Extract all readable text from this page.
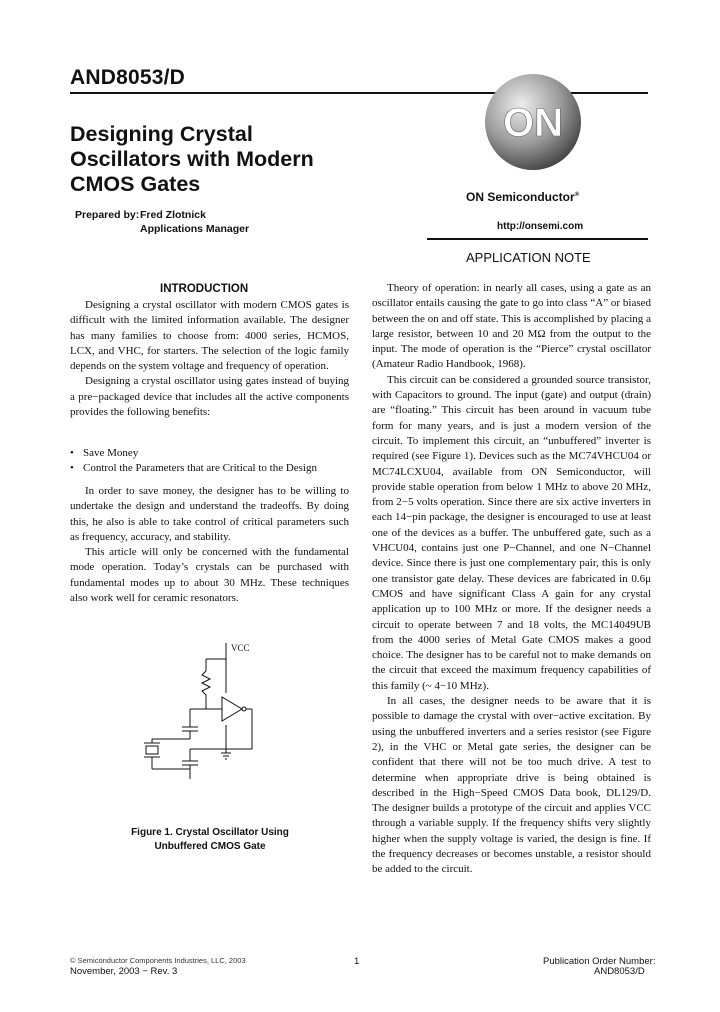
AND8053/D
Designing Crystal
Oscillators with Modern
CMOS Gates
Prepared by: Fred Zlotnick
Applications Manager
ON
ON Semiconductor®
http://onsemi.com
APPLICATION NOTE
INTRODUCTION

Designing a crystal oscillator with modern CMOS gates is difficult with the limited information available. The designer has many families to choose from: 4000 series, HCMOS, LCX, and VHC, for starters. The selection of the logic family depends on the system voltage and frequency of operation.

Designing a crystal oscillator using gates instead of buying a pre−packaged device that includes all the active components provides the following benefits:

• Save Money
• Control the Parameters that are Critical to the Design

In order to save money, the designer has to be willing to undertake the design and understand the tradeoffs. By doing this, he also is able to take control of critical parameters such as frequency, accuracy, and stability.

This article will only be concerned with the fundamental mode operation. Today’s crystals can be purchased with fundamental modes up to about 30 MHz. These techniques also work well for ceramic resonators.

VCC
Figure 1. Crystal Oscillator Using
Unbuffered CMOS Gate

Theory of operation: in nearly all cases, using a gate as an oscillator entails causing the gate to go into class “A” or biased between the on and off state. This is accomplished by placing a large resistor, between 10 and 20 MΩ from the output to the input. The mode of operation is the “Pierce” crystal oscillator (Amateur Radio Handbook, 1968).

This circuit can be considered a grounded source transistor, with Capacitors to ground. The input (gate) and output (drain) are “floating.” This circuit has been around in vacuum tube form for many years, and is just a modern version of the circuit. To implement this circuit, an “unbuffered” inverter is required (see Figure 1). Devices such as the MC74VHCU04 or MC74LCXU04, available from ON Semiconductor, will provide stable operation from below 1 MHz to above 20 MHz, from 2−5 volts operation. Since there are six active inverters in each 14−pin package, the designer is encouraged to use at least one of the devices as a buffer. The unbuffered gate, such as a VHCU04, contains just one P−Channel, and one N−Channel device. Since there is just one complementary pair, this is only one transistor gate delay. These devices are fabricated in 0.6μ CMOS and have significant Class A gain for any crystal application up to 100 MHz or more. If the designer needs a circuit to operate between 7 and 18 volts, the MC14049UB from the 4000 series of Metal Gate CMOS makes a good choice. The designer has to be careful not to make demands on the circuit that exceed the maximum frequency capabilities of this family (~ 4−10 MHz).

In all cases, the designer needs to be aware that it is possible to damage the crystal with over−active excitation. By using the unbuffered inverters and a series resistor (see Figure 2), in the VHC or Metal gate series, the designer can be confident that there will not be too much drive. A test to determine when appropriate drive is being obtained is described in the High−Speed CMOS Data book, DL129/D. The designer builds a prototype of the circuit and applies VCC through a variable supply. If the frequency shifts very slightly higher when the supply voltage is varied, the design is fine. If the frequency decreases or becomes unstable, a resistor should be added to the circuit.

© Semiconductor Components Industries, LLC, 2003
November, 2003 − Rev. 3
1	Publication Order Number:
AND8053/D
